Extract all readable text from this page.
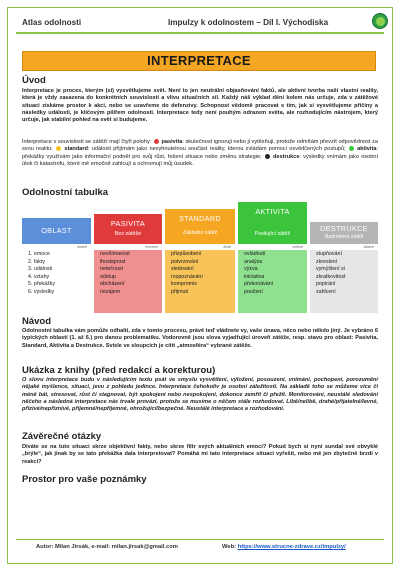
Atlas odolnosti	Impulzy k odolnostem – Díl I. Východiska
INTERPRETACE
Úvod
Interpretace je proces, kterým (si) vysvětlujeme svět. Není to jen neutrální objasňování faktů, ale aktivní tvorba naší vlastní reality, která je vždy zasazena do konkrétních souvislostí a vlivu situačních sil. Každý náš výklad dění kolem nás určuje, zda v zátěžové situaci získáme prostor k akci, nebo se uzavřeme do defenzivy. Schopnost vědomě pracovat s tím, jak si vysvětlujeme příčiny a následky událostí, je klíčovým pilířem odolnosti. Interpretace tedy není pouhým odrazem světa, ale rozhodujícím nástrojem, který určuje, jak stabilní pohled na svět si budujeme.
Interpretace v souvislosti se zátěží mají čtyři polohy: pasivita: skutečnost ignoruji nebo ji vytěsňuji, protože odmítám převzít odpovědnost za svou realitu; standard: události přijímám jako nevyhnutelnou součást reality, kterou zvládám pomocí osvědčených postupů; aktivita: překážky využívám jako informační podnět pro svůj růst, řešení situace nebo změnu strategie; destrukce: výsledky vnímám jako osobní útok či katastrofu, které mě emočně zahlcují a ochromují můj úsudek.
Odolnostní tabulka
OBLAST
modré
1. emoce
2. fakty
3. události
4. vztahy
5. překážky
6. výsledky
PASIVITA
Bez zátěže
červené
nevšímavost
lhostejnost
netečnost
odstup
obcházení
nezájem
STANDARD
Základní zátěž
žluté
přizpůsobení
potvrzování
sledování
rozpoznávání
kompromis
přijmutí
AKTIVITA
Posilující zátěž
zelené
ovládnutí
analýza
výzva
iniciativa
překonávání
poučení
DESTRUKCE
Nadměrná zátěž
šedivé
stupňování
zkreslení
vymýšlení si
zkratkovitost
popírání
zahlcení
Návod
Odolnostní tabulka vám pomůže odhalit, zda v tomto procesu, právě teď vládnete vy, vaše únava, něco nebo někdo jiný. Je vybráno 6 typických oblastí (1. až 6.) pro danou problematiku. Vodorovně jsou slova vyjadřující úroveň zátěže, resp. stavu pro oblast: Pasivita, Standard, Aktivita a Destrukce. Svisle ve sloupcích je cítit „atmosféra“ vybrané zátěže.
Ukázka z knihy (před redakcí a korekturou)
O slovu interpretace budu v následujícím textu psát ve smyslu vysvětlení, výložení, posouzení, vnímání, pochopení, porozumění nějaké myšlence, situaci, jevu z pohledu jedince. Interpretace čehokoliv je osobní záležitostí. Na základě toho se můžeme více či méně bát, stresovat, růst či stagnovat, být spokojeni nebo nespokojeni, dokonce zemřít či přežít. Monitorování, neustálé sledování něčeho a následná interpretace nás trvale provází, protože se musíme o něčem stále rozhodovat. Libě/nelibě, drahé/přijatelné/levné, přízivé/nepříznivé, příjemné/nepříjemné, ohrožující/bezpečné. Neustálé interpretace a rozhodování.
Závěrečné otázky
Díváte se na tuto situaci skrze objektivní fakty, nebo skrze filtr svých aktuálních emocí? Pokud bych si nyní sundal své obvyklé „brýle“, jak jinak by se tato překážka dala interpretovat? Pomáhá mi tato interpretace situaci vyřešit, nebo mě jen zbytečně brzdí v reakci?
Prostor pro vaše poznámky
Autor: Milan Jirsák, e-mail: milan.jirsak@gmail.com	Web: https://www.strucne-zdrave.cz/impulzy/
